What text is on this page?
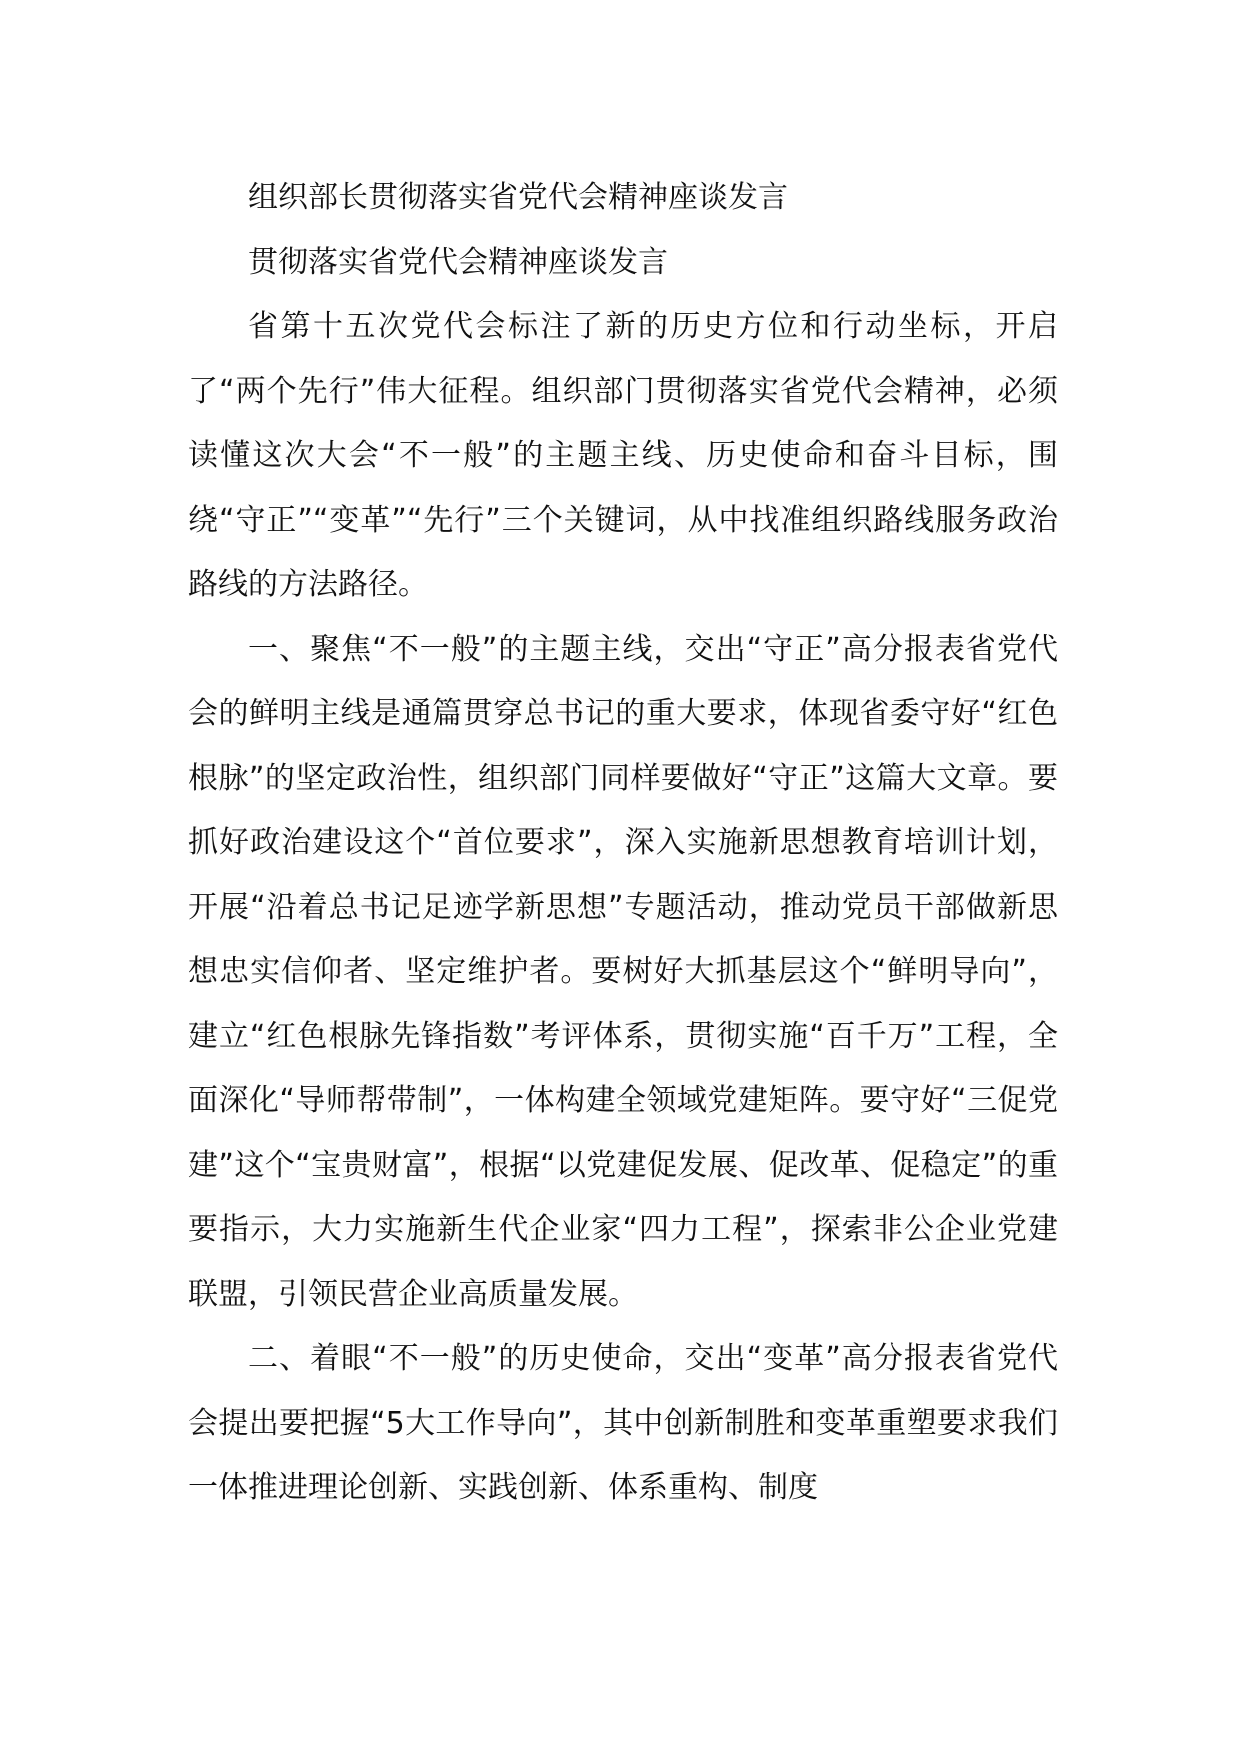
组织部长贯彻落实省党代会精神座谈发言

贯彻落实省党代会精神座谈发言

省第十五次党代会标注了新的历史方位和行动坐标，开启了“两个先行”伟大征程。组织部门贯彻落实省党代会精神，必须读懂这次大会“不一般”的主题主线、历史使命和奋斗目标，围绕“守正”“变革”“先行”三个关键词，从中找准组织路线服务政治路线的方法路径。

一、聚焦“不一般”的主题主线，交出“守正”高分报表省党代会的鲜明主线是通篇贯穿总书记的重大要求，体现省委守好“红色根脉”的坚定政治性，组织部门同样要做好“守正”这篇大文章。要抓好政治建设这个“首位要求”，深入实施新思想教育培训计划，开展“沿着总书记足迹学新思想”专题活动，推动党员干部做新思想忠实信仰者、坚定维护者。要树好大抓基层这个“鲜明导向”，建立“红色根脉先锋指数”考评体系，贯彻实施“百千万”工程，全面深化“导师帮带制”，一体构建全领域党建矩阵。要守好“三促党建”这个“宝贵财富”，根据“以党建促发展、促改革、促稳定”的重要指示，大力实施新生代企业家“四力工程”，探索非公企业党建联盟，引领民营企业高质量发展。

二、着眼“不一般”的历史使命，交出“变革”高分报表省党代会提出要把握“5大工作导向”，其中创新制胜和变革重塑要求我们一体推进理论创新、实践创新、体系重构、制度
